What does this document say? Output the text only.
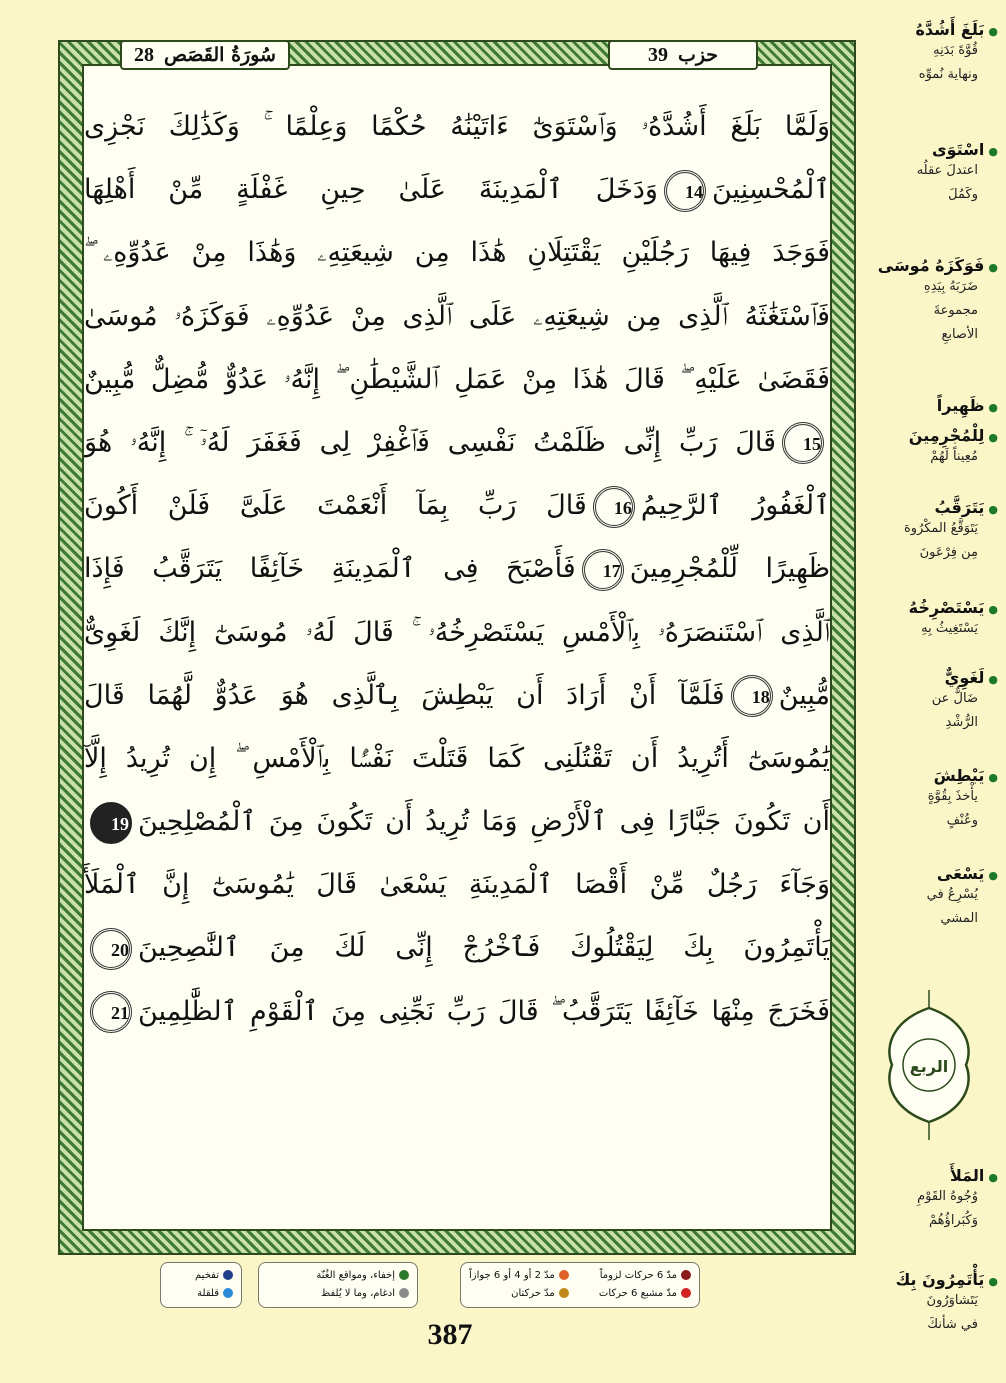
● بَلَغَ أَشُدَّهُ
قُوَّةَ بَدَنِهِ
ونهاية نُموِّه
● اسْتَوَى
اعتدلَ عقلُه
وكَمُلَ
● فَوَكَزَهُ مُوسَى
ضَرَبَهُ بِيَدِهِ
مجموعةَ
الأصابعِ
● ظَهِيراً
● لِلْمُجْرِمِينَ
مُعِيناً لَهُمْ
● يَتَرَقَّبُ
يَتَوَقَّعُ المكْرُوهَ
مِن فِرْعَونَ
● يَسْتَصْرِخُهُ
يَسْتَغِيثُ بِهِ
● لَغَوِيٌّ
ضَالٌّ عن
الرُّشْدِ
● يَبْطِشَ
يأْخذَ بِقُوَّةٍ
وعُنْفٍ
● يَسْعَى
يُسْرِعُ في
المشي
● المَلأَ
وُجُوهُ القَوْمِ
وَكُبَراؤُهُمْ
● يَأْتَمِرُونَ بِكَ
يَتَشاوَرُونَ
في شأنكَ
الربع
28 سُورَةُ القَصَص	39 حزب
وَلَمَّا بَلَغَ أَشُدَّهُۥ وَٱسْتَوَىٰٓ ءَاتَيْنَٰهُ حُكْمًا وَعِلْمًا ۚ وَكَذَٰلِكَ نَجْزِى
ٱلْمُحْسِنِينَ14وَدَخَلَ ٱلْمَدِينَةَ عَلَىٰ حِينِ غَفْلَةٍ مِّنْ أَهْلِهَا
فَوَجَدَ فِيهَا رَجُلَيْنِ يَقْتَتِلَانِ هَٰذَا مِن شِيعَتِهِۦ وَهَٰذَا مِنْ عَدُوِّهِۦ ۖ
فَٱسْتَغَٰثَهُ ٱلَّذِى مِن شِيعَتِهِۦ عَلَى ٱلَّذِى مِنْ عَدُوِّهِۦ فَوَكَزَهُۥ مُوسَىٰ
فَقَضَىٰ عَلَيْهِ ۖ قَالَ هَٰذَا مِنْ عَمَلِ ٱلشَّيْطَٰنِ ۖ إِنَّهُۥ عَدُوٌّ مُّضِلٌّ مُّبِينٌ
15قَالَ رَبِّ إِنِّى ظَلَمْتُ نَفْسِى فَٱغْفِرْ لِى فَغَفَرَ لَهُۥٓ ۚ إِنَّهُۥ هُوَ
ٱلْغَفُورُ ٱلرَّحِيمُ16قَالَ رَبِّ بِمَآ أَنْعَمْتَ عَلَىَّ فَلَنْ أَكُونَ
ظَهِيرًا لِّلْمُجْرِمِينَ17فَأَصْبَحَ فِى ٱلْمَدِينَةِ خَآئِفًا يَتَرَقَّبُ فَإِذَا
ٱلَّذِى ٱسْتَنصَرَهُۥ بِٱلْأَمْسِ يَسْتَصْرِخُهُۥ ۚ قَالَ لَهُۥ مُوسَىٰٓ إِنَّكَ لَغَوِىٌّ
مُّبِينٌ18فَلَمَّآ أَنْ أَرَادَ أَن يَبْطِشَ بِٱلَّذِى هُوَ عَدُوٌّ لَّهُمَا قَالَ
يَٰمُوسَىٰٓ أَتُرِيدُ أَن تَقْتُلَنِى كَمَا قَتَلْتَ نَفْسًۢا بِٱلْأَمْسِ ۖ إِن تُرِيدُ إِلَّآ
أَن تَكُونَ جَبَّارًا فِى ٱلْأَرْضِ وَمَا تُرِيدُ أَن تَكُونَ مِنَ ٱلْمُصْلِحِينَ19
وَجَآءَ رَجُلٌ مِّنْ أَقْصَا ٱلْمَدِينَةِ يَسْعَىٰ قَالَ يَٰمُوسَىٰٓ إِنَّ ٱلْمَلَأَ
يَأْتَمِرُونَ بِكَ لِيَقْتُلُوكَ فَٱخْرُجْ إِنِّى لَكَ مِنَ ٱلنَّٰصِحِينَ20
فَخَرَجَ مِنْهَا خَآئِفًا يَتَرَقَّبُ ۖ قَالَ رَبِّ نَجِّنِى مِنَ ٱلْقَوْمِ ٱلظَّٰلِمِينَ21
مدّ 6 حركات لزوماً
مدّ مشبع 6 حركات
مدّ 2 أو 4 أو 6 جوازاً
مدّ حركتان
إخفاء، ومواقع الغُنّة
ادغام، وما لا يُلفظ
تفخيم
قلقلة
387
